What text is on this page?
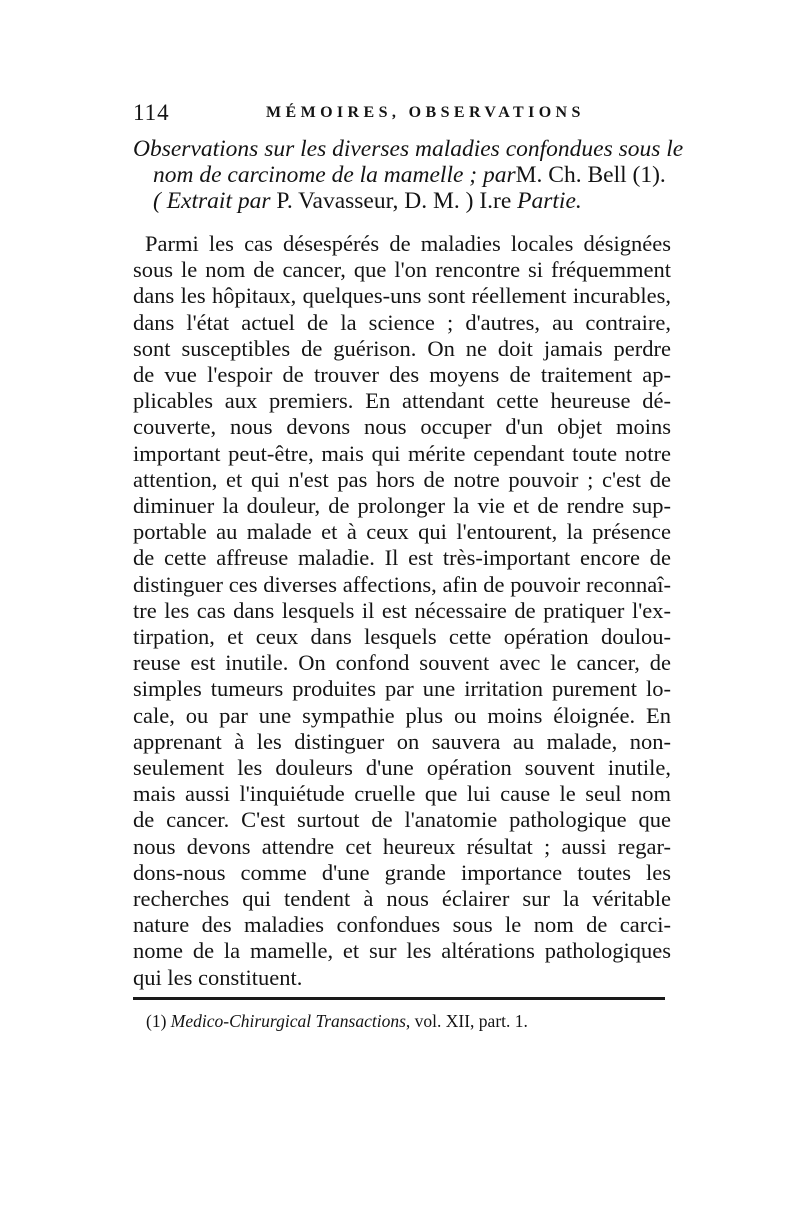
114	MÉMOIRES, OBSERVATIONS
Observations sur les diverses maladies confondues sous le
nom de carcinome de la mamelle ; parM. Ch. Bell (1).
( Extrait par P. Vavasseur, D. M. ) I.re Partie.
Parmi les cas désespérés de maladies locales désignées
sous le nom de cancer, que l'on rencontre si fréquemment
dans les hôpitaux, quelques-uns sont réellement incurables,
dans l'état actuel de la science ; d'autres, au contraire,
sont susceptibles de guérison. On ne doit jamais perdre
de vue l'espoir de trouver des moyens de traitement ap-
plicables aux premiers. En attendant cette heureuse dé-
couverte, nous devons nous occuper d'un objet moins
important peut-être, mais qui mérite cependant toute notre
attention, et qui n'est pas hors de notre pouvoir ; c'est de
diminuer la douleur, de prolonger la vie et de rendre sup-
portable au malade et à ceux qui l'entourent, la présence
de cette affreuse maladie. Il est très-important encore de
distinguer ces diverses affections, afin de pouvoir reconnaî-
tre les cas dans lesquels il est nécessaire de pratiquer l'ex-
tirpation, et ceux dans lesquels cette opération doulou-
reuse est inutile. On confond souvent avec le cancer, de
simples tumeurs produites par une irritation purement lo-
cale, ou par une sympathie plus ou moins éloignée. En
apprenant à les distinguer on sauvera au malade, non-
seulement les douleurs d'une opération souvent inutile,
mais aussi l'inquiétude cruelle que lui cause le seul nom
de cancer. C'est surtout de l'anatomie pathologique que
nous devons attendre cet heureux résultat ; aussi regar-
dons-nous comme d'une grande importance toutes les
recherches qui tendent à nous éclairer sur la véritable
nature des maladies confondues sous le nom de carci-
nome de la mamelle, et sur les altérations pathologiques
qui les constituent.
(1) Medico-Chirurgical Transactions, vol. XII, part. 1.
